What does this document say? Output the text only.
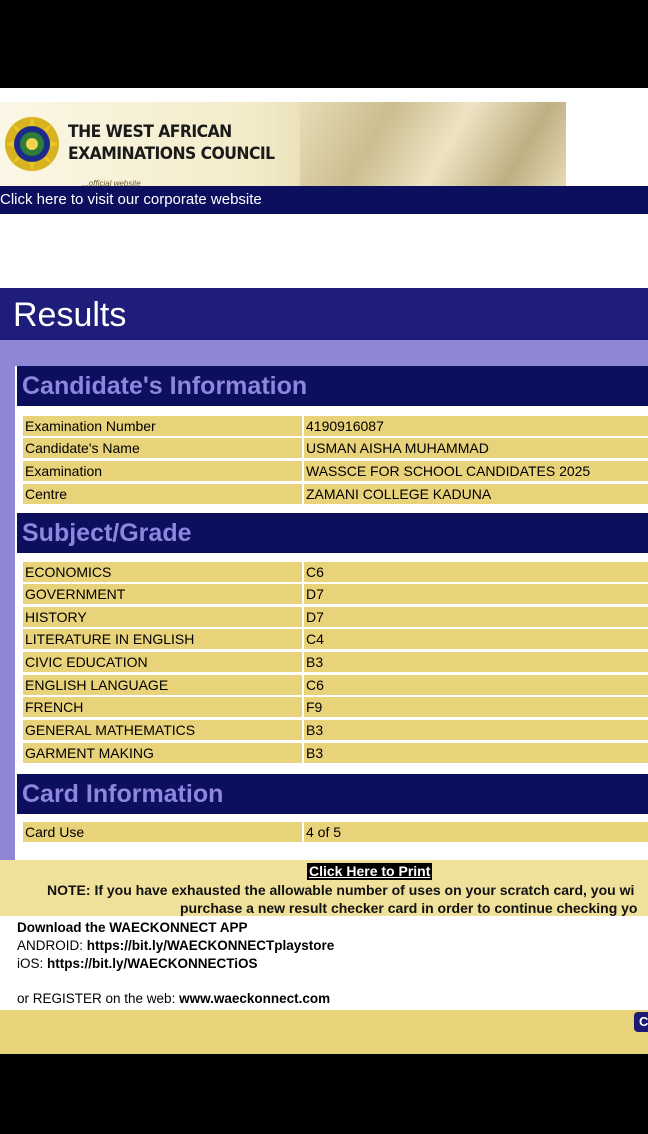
THE WEST AFRICAN
EXAMINATIONS COUNCIL
...official website
Click here to visit our corporate website
Results
Candidate's Information
Examination Number	4190916087
Candidate's Name	USMAN AISHA MUHAMMAD
Examination	WASSCE FOR SCHOOL CANDIDATES 2025
Centre	ZAMANI COLLEGE KADUNA
Subject/Grade
ECONOMICS	C6
GOVERNMENT	D7
HISTORY	D7
LITERATURE IN ENGLISH	C4
CIVIC EDUCATION	B3
ENGLISH LANGUAGE	C6
FRENCH	F9
GENERAL MATHEMATICS	B3
GARMENT MAKING	B3
Card Information
Card Use	4 of 5
Click Here to Print
NOTE: If you have exhausted the allowable number of uses on your scratch card, you wi
purchase a new result checker card in order to continue checking yo
Download the WAECKONNECT APP
ANDROID: https://bit.ly/WAECKONNECTplaystore
iOS: https://bit.ly/WAECKONNECTiOS
or REGISTER on the web: www.waeckonnect.com
C
